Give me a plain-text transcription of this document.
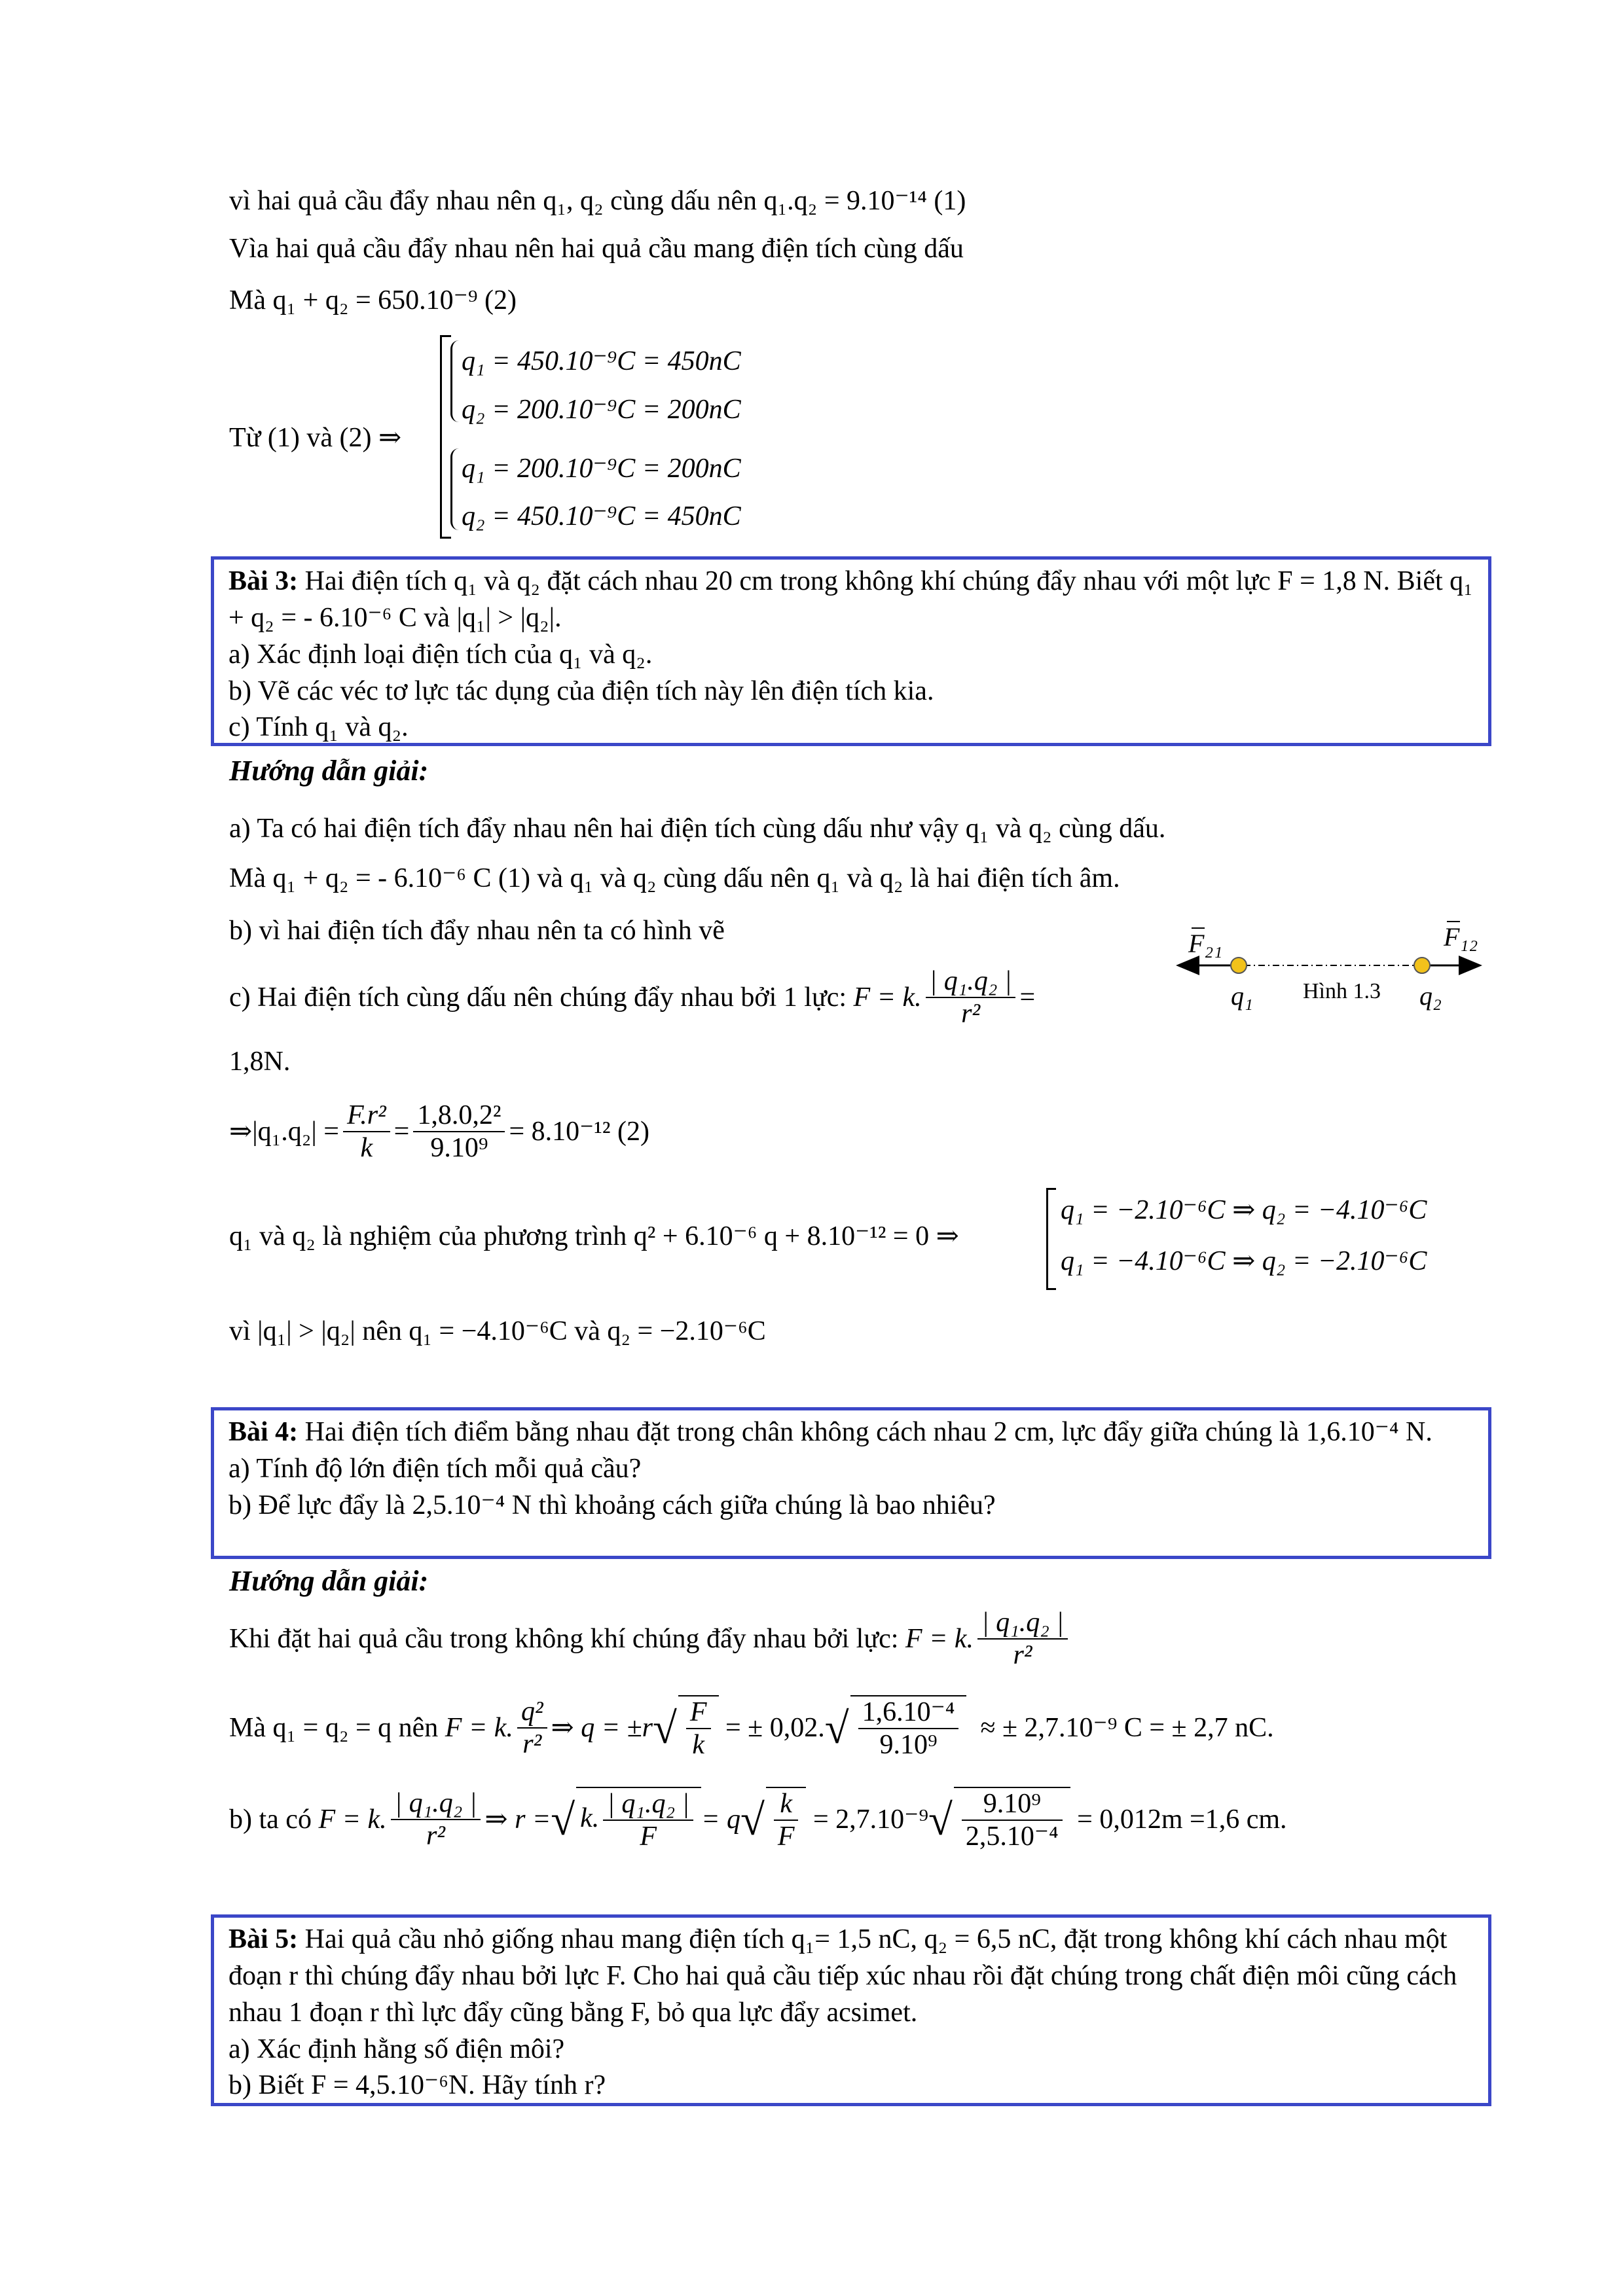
vì hai quả cầu đẩy nhau nên q₁, q₂ cùng dấu nên q₁.q₂ = 9.10⁻¹⁴ (1)
Vìa hai quả cầu đẩy nhau nên hai quả cầu mang điện tích cùng dấu
Mà q₁ + q₂ = 650.10⁻⁹ (2)
Từ (1) và (2) ⇒
q₁ = 450.10⁻⁹C = 450nC
q₂ = 200.10⁻⁹C = 200nC
q₁ = 200.10⁻⁹C = 200nC
q₂ = 450.10⁻⁹C = 450nC
Bài 3: Hai điện tích q₁ và q₂ đặt cách nhau 20 cm trong không khí chúng đẩy nhau với một lực F = 1,8 N. Biết q₁ + q₂ = - 6.10⁻⁶ C và |q₁| > |q₂|.
a) Xác định loại điện tích của q₁ và q₂.
b) Vẽ các véc tơ lực tác dụng của điện tích này lên điện tích kia.
c) Tính q₁ và q₂.
Hướng dẫn giải:
a) Ta có hai điện tích đẩy nhau nên hai điện tích cùng dấu như vậy q₁ và q₂ cùng dấu.
Mà q₁ + q₂ = - 6.10⁻⁶ C (1) và q₁ và q₂ cùng dấu nên q₁ và q₂ là hai điện tích âm.
b) vì hai điện tích đẩy nhau nên ta có hình vẽ	F₂₁	F₁₂
q₁	q₂
Hình 1.3
c) Hai điện tích cùng dấu nên chúng đẩy nhau bởi 1 lực:
F = k. $\frac{\text{| q₁.q₂ |}}{\text{r²}}$ =
1,8N.
⇒|q₁.q₂| = $\frac{\text{F.r²}}{k} = \frac{\text{1,8.0,2²}}{\text{9.10⁹}} = 8.10^{-12}$ (2)
q₁ và q₂ là nghiệm của phương trình q² + 6.10⁻⁶ q + 8.10⁻¹² = 0 ⇒
q₁ = −2.10⁻⁶C ⇒ q₂ = −4.10⁻⁶C
q₁ = −4.10⁻⁶C ⇒ q₂ = −2.10⁻⁶C
vì |q₁| > |q₂| nên q₁ = −4.10⁻⁶C và q₂ = −2.10⁻⁶C
Bài 4: Hai điện tích điểm bằng nhau đặt trong chân không cách nhau 2 cm, lực đẩy giữa chúng là 1,6.10⁻⁴ N.
a) Tính độ lớn điện tích mỗi quả cầu?
b) Để lực đẩy là 2,5.10⁻⁴ N thì khoảng cách giữa chúng là bao nhiêu?
Hướng dẫn giải:
Khi đặt hai quả cầu trong không khí chúng đẩy nhau bởi lực:
F = k. $\frac{\text{| q₁.q₂ |}}{\text{r²}}$
Mà q₁ = q₂ = q nên
F = k. $\frac{\text{q²}}{\text{r²}}$ ⇒ q = ±r √ $\frac{F}{k}$
= ± 0,02. √ $\frac{\text{1,6.10⁻⁴}}{\text{9.10⁹}}$
≈ ± 2,7.10⁻⁹ C = ± 2,7 nC.
b) ta có
F = k. $\frac{\text{| q₁.q₂ |}}{\text{r²}}$ ⇒ r = √ k. $\frac{\text{| q₁.q₂ |}}{F} = q$ √ $\frac{k}{F}$
= 2,7.10⁻⁹ √ $\frac{\text{9.10⁹}}{\text{2,5.10⁻⁴}}$
= 0,012m =1,6 cm.
Bài 5: Hai quả cầu nhỏ giống nhau mang điện tích q₁= 1,5 nC, q₂ = 6,5 nC, đặt trong không khí cách nhau một đoạn r thì chúng đẩy nhau bởi lực F. Cho hai quả cầu tiếp xúc nhau rồi đặt chúng trong chất điện môi cũng cách nhau 1 đoạn r thì lực đẩy cũng bằng F, bỏ qua lực đẩy acsimet.
a) Xác định hằng số điện môi?
b) Biết F = 4,5.10⁻⁶N. Hãy tính r?
